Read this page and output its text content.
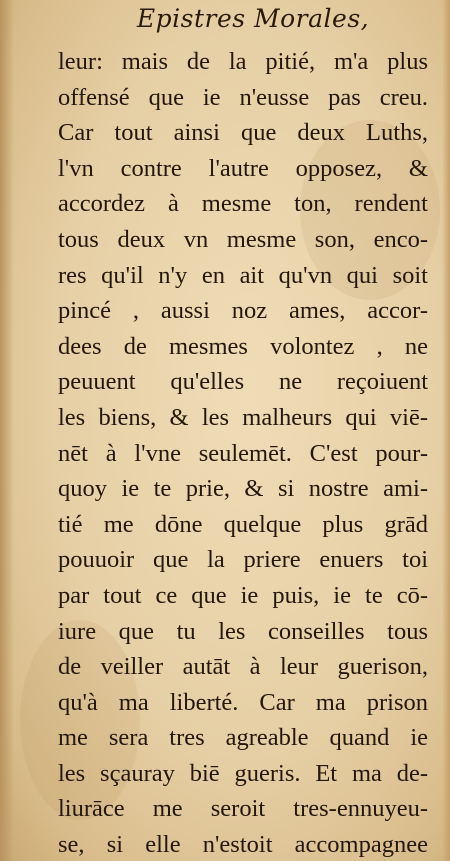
Epistres Morales,
leur: mais de la pitié, m'a plus
offensé que ie n'eusse pas creu.
Car tout ainsi que deux Luths,
l'vn contre l'autre opposez, &
accordez à mesme ton, rendent
tous deux vn mesme son, enco-
res qu'il n'y en ait qu'vn qui soit
pincé , aussi noz ames, accor-
dees de mesmes volontez , ne
peuuent qu'elles ne reçoiuent
les biens, & les malheurs qui viē-
nēt à l'vne seulemēt. C'est pour-
quoy ie te prie, & si nostre ami-
tié me dōne quelque plus grād
pouuoir que la priere enuers toi
par tout ce que ie puis, ie te cō-
iure que tu les conseilles tous
de veiller autāt à leur guerison,
qu'à ma liberté. Car ma prison
me sera tres agreable quand ie
les sçauray biē gueris. Et ma de-
liurāce me seroit tres-ennuyeu-
se, si elle n'estoit accompagnee
